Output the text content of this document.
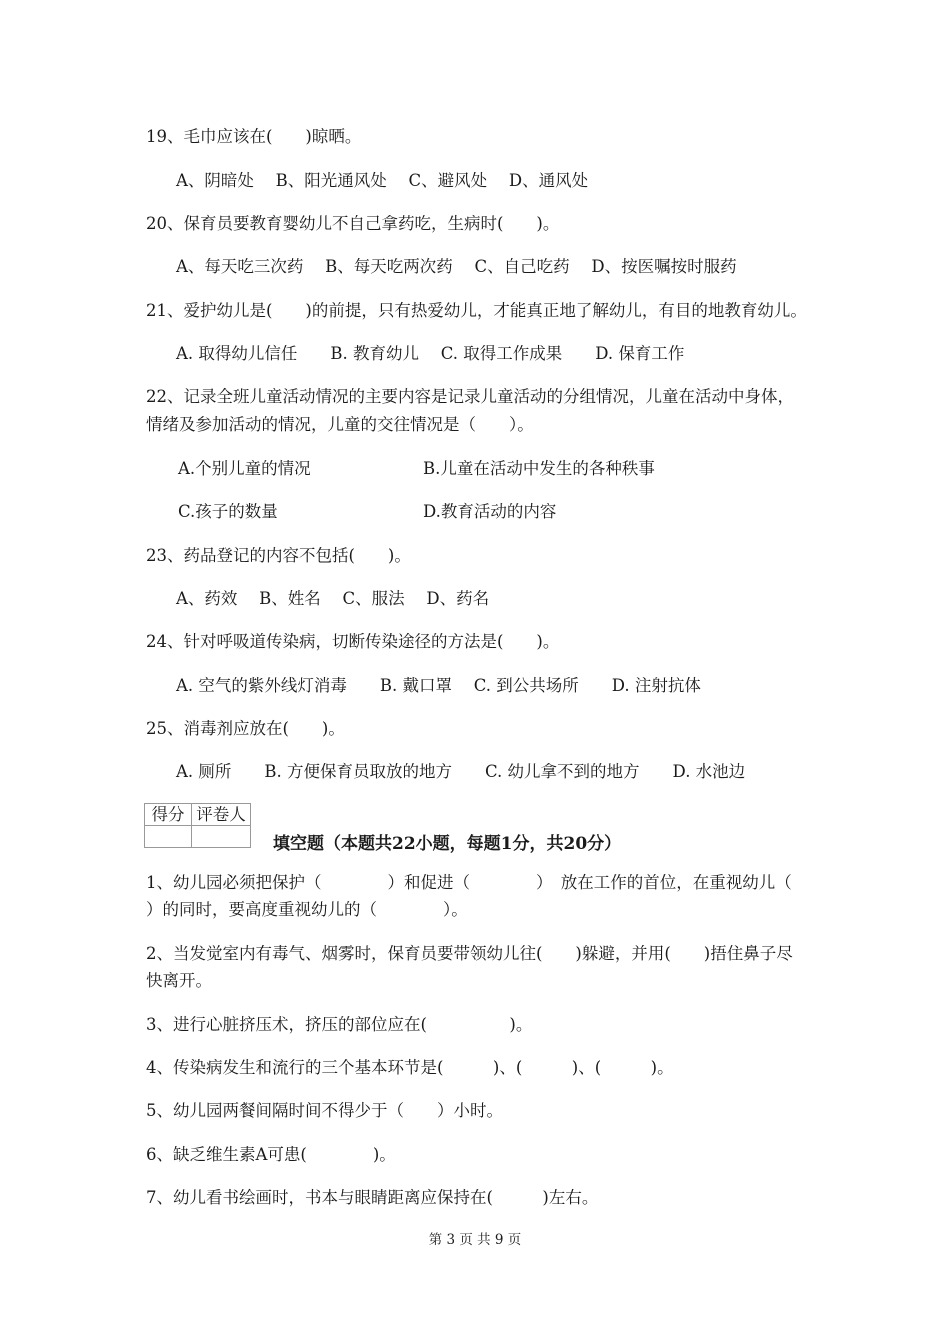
19、毛巾应该在(　　)晾晒。
A、阴暗处　 B、阳光通风处　 C、避风处　 D、通风处
20、保育员要教育婴幼儿不自己拿药吃，生病时(　　)。
A、每天吃三次药　 B、每天吃两次药　 C、自己吃药　 D、按医嘱按时服药
21、爱护幼儿是(　　)的前提，只有热爱幼儿，才能真正地了解幼儿，有目的地教育幼儿。
A. 取得幼儿信任　　B. 教育幼儿　 C. 取得工作成果　　D. 保育工作
22、记录全班儿童活动情况的主要内容是记录儿童活动的分组情况，儿童在活动中身体，
情绪及参加活动的情况，儿童的交往情况是（　　）。
A.个别儿童的情况	B.儿童在活动中发生的各种秩事
C.孩子的数量	D.教育活动的内容
23、药品登记的内容不包括(　　)。
A、药效　 B、姓名　 C、服法　 D、药名
24、针对呼吸道传染病，切断传染途径的方法是(　　)。
A. 空气的紫外线灯消毒　　B. 戴口罩　 C. 到公共场所　　D. 注射抗体
25、消毒剂应放在(　　)。
A. 厕所　　B. 方便保育员取放的地方　　C. 幼儿拿不到的地方　　D. 水池边
得分	评卷人

填空题（本题共22小题，每题1分，共20分）
1、幼儿园必须把保护（　　　　）和促进（　　　　）　放在工作的首位，在重视幼儿（
）的同时，要高度重视幼儿的（　　　　）。
2、当发觉室内有毒气、烟雾时，保育员要带领幼儿往(　　)躲避，并用(　　)捂住鼻子尽
快离开。
3、进行心脏挤压术，挤压的部位应在(　　　　　)。
4、传染病发生和流行的三个基本环节是(　　　)、(　　　)、(　　　)。
5、幼儿园两餐间隔时间不得少于（　　）小时。
6、缺乏维生素A可患(　　　　)。
7、幼儿看书绘画时，书本与眼睛距离应保持在(　　　)左右。
第 3 页 共 9 页
